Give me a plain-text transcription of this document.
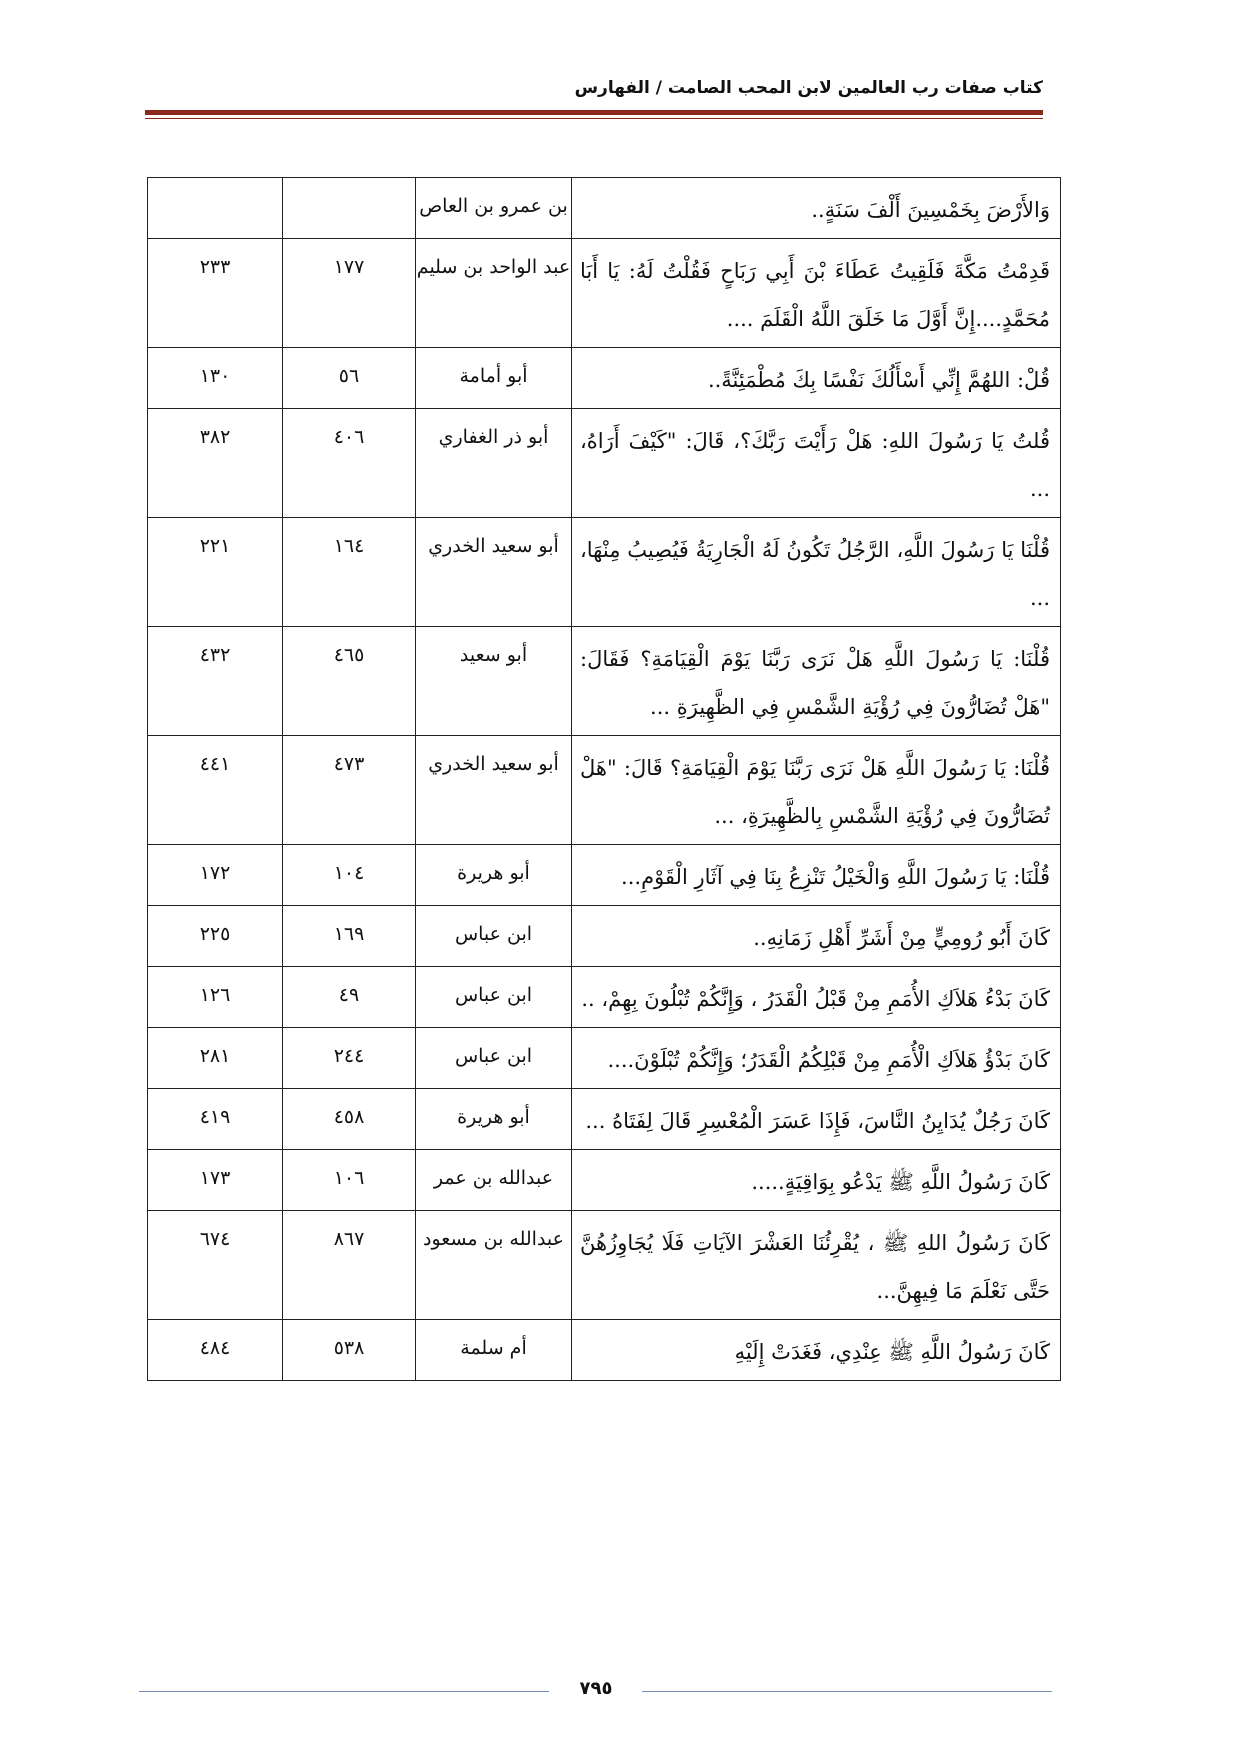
كتاب صفات رب العالمين لابن المحب الصامت / الفهارس
وَالأَرْضَ بِخَمْسِينَ أَلْفَ سَنَةٍ..	بن عمرو بن العاص		

قَدِمْتُ مَكَّةَ فَلَقِيتُ عَطَاءَ بْنَ أَبِي رَبَاحٍ فَقُلْتُ لَهُ: يَا أَبَا مُحَمَّدٍ....إِنَّ أَوَّلَ مَا خَلَقَ اللَّهُ الْقَلَمَ ....	عبد الواحد بن سليم	١٧٧	٢٣٣

قُلْ: اللهُمَّ إِنِّي أَسْأَلُكَ نَفْسًا بِكَ مُطْمَئِنَّةً..	أبو أمامة	٥٦	١٣٠

قُلتُ يَا رَسُولَ اللهِ: هَلْ رَأَيْتَ رَبَّكَ؟، قَالَ: "كَيْفَ أَرَاهُ، ...	أبو ذر الغفاري	٤٠٦	٣٨٢

قُلْنَا يَا رَسُولَ اللَّهِ، الرَّجُلُ تَكُونُ لَهُ الْجَارِيَةُ فَيُصِيبُ مِنْهَا، ...	أبو سعيد الخدري	١٦٤	٢٢١

قُلْنَا: يَا رَسُولَ اللَّهِ هَلْ نَرَى رَبَّنَا يَوْمَ الْقِيَامَةِ؟ فَقَالَ: "هَلْ تُضَارُّونَ فِي رُؤْيَةِ الشَّمْسِ فِي الظَّهِيرَةِ ...	أبو سعيد	٤٦٥	٤٣٢

قُلْنَا: يَا رَسُولَ اللَّهِ هَلْ نَرَى رَبَّنَا يَوْمَ الْقِيَامَةِ؟ قَالَ: "هَلْ تُضَارُّونَ فِي رُؤْيَةِ الشَّمْسِ بِالظَّهِيرَةِ، ...	أبو سعيد الخدري	٤٧٣	٤٤١

قُلْنَا: يَا رَسُولَ اللَّهِ وَالْخَيْلُ تَنْزِعُ بِنَا فِي آثَارِ الْقَوْمِ...	أبو هريرة	١٠٤	١٧٢

كَانَ أَبُو رُومِيٍّ مِنْ أَشَرِّ أَهْلِ زَمَانِهِ..	ابن عباس	١٦٩	٢٢٥

كَانَ بَدْءُ هَلاَكِ الأُمَمِ مِنْ قَبْلُ الْقَدَرُ ، وَإِنَّكُمْ تُبْلُونَ بِهِمْ، ..	ابن عباس	٤٩	١٢٦

كَانَ بَدْؤُ هَلاَكِ الْأُمَمِ مِنْ قَبْلِكُمُ الْقَدَرُ؛ وَإِنَّكُمْ تُبْلَوْنَ....	ابن عباس	٢٤٤	٢٨١

كَانَ رَجُلٌ يُدَايِنُ النَّاسَ، فَإِذَا عَسَرَ الْمُعْسِرِ قَالَ لِفَتَاهُ ...	أبو هريرة	٤٥٨	٤١٩

كَانَ رَسُولُ اللَّهِ ﷺ يَدْعُو بِوَاقِيَةٍ.....	عبدالله بن عمر	١٠٦	١٧٣

كَانَ رَسُولُ اللهِ ﷺ ، يُقْرِئُنَا العَشْرَ الآيَاتِ فَلَا يُجَاوِزُهُنَّ حَتَّى نَعْلَمَ مَا فِيهِنَّ...	عبدالله بن مسعود	٨٦٧	٦٧٤

كَانَ رَسُولُ اللَّهِ ﷺ عِنْدِي، فَغَدَتْ إِلَيْهِ	أم سلمة	٥٣٨	٤٨٤
٧٩٥
